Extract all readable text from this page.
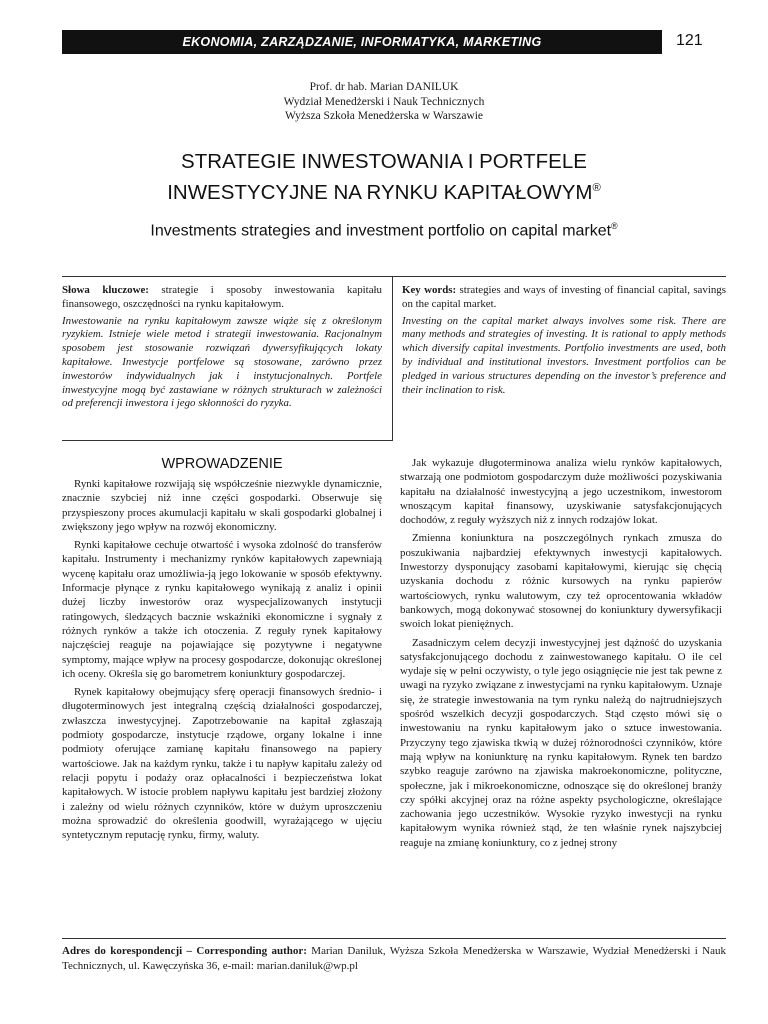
EKONOMIA, ZARZĄDZANIE, INFORMATYKA, MARKETING	121
Prof. dr hab. Marian DANILUK
Wydział Menedżerski i Nauk Technicznych
Wyższa Szkoła Menedżerska w Warszawie
STRATEGIE INWESTOWANIA I PORTFELE
INWESTYCYJNE NA RYNKU KAPITAŁOWYM®
Investments strategies and investment portfolio on capital market®

Słowa kluczowe: strategie i sposoby inwestowania kapitału finansowego, oszczędności na rynku kapitałowym.

Inwestowanie na rynku kapitałowym zawsze wiąże się z określonym ryzykiem. Istnieje wiele metod i strategii inwestowania. Racjonalnym sposobem jest stosowanie rozwiązań dywersyfikujących lokaty kapitałowe. Inwestycje portfelowe są stosowane, zarówno przez inwestorów indywidualnych jak i instytucjonalnych. Portfele inwestycyjne mogą być zastawiane w różnych strukturach w zależności od preferencji inwestora i jego skłonności do ryzyka.

Key words: strategies and ways of investing of financial capital, savings on the capital market.

Investing on the capital market always involves some risk. There are many methods and strategies of investing. It is rational to apply methods which diversify capital investments. Portfolio investments are used, both by individual and institutional investors. Investment portfolios can be pledged in various structures depending on the investor’s preference and their inclination to risk.

WPROWADZENIE

Rynki kapitałowe rozwijają się współcześnie niezwykle dynamicznie, znacznie szybciej niż inne części gospodarki. Obserwuje się przyspieszony proces akumulacji kapitału w skali gospodarki globalnej i zwiększony jego wpływ na rozwój ekonomiczny.

Rynki kapitałowe cechuje otwartość i wysoka zdolność do transferów kapitału. Instrumenty i mechanizmy rynków kapitałowych zapewniają wycenę kapitału oraz umożliwia-ją jego lokowanie w sposób efektywny. Informacje płynące z rynku kapitałowego wynikają z analiz i opinii dużej liczby inwestorów oraz wyspecjalizowanych instytucji ratingowych, śledzących bacznie wskaźniki ekonomiczne i sygnały z różnych rynków a także ich otoczenia. Z reguły rynek kapitałowy najczęściej reaguje na pojawiające się pozytywne i negatywne symptomy, mające wpływ na procesy gospodarcze, dokonując określonej ich oceny. Określa się go barometrem koniunktury gospodarczej.

Rynek kapitałowy obejmujący sferę operacji finansowych średnio- i długoterminowych jest integralną częścią działalności gospodarczej, zwłaszcza inwestycyjnej. Zapotrzebowanie na kapitał zgłaszają podmioty gospodarcze, instytucje rządowe, organy lokalne i inne podmioty oferujące zamianę kapitału finansowego na papiery wartościowe. Jak na każdym rynku, także i tu napływ kapitału zależy od relacji popytu i podaży oraz opłacalności i bezpieczeństwa lokat kapitałowych. W istocie problem napływu kapitału jest bardziej złożony i zależny od wielu różnych czynników, które w dużym uproszczeniu można sprowadzić do określenia goodwill, wyrażającego w ujęciu syntetycznym reputację rynku, firmy, waluty.

Jak wykazuje długoterminowa analiza wielu rynków kapitałowych, stwarzają one podmiotom gospodarczym duże możliwości pozyskiwania kapitału na działalność inwestycyjną a jego uczestnikom, inwestorom wnoszącym kapitał finansowy, uzyskiwanie satysfakcjonujących dochodów, z reguły wyższych niż z innych rodzajów lokat.

Zmienna koniunktura na poszczególnych rynkach zmusza do poszukiwania najbardziej efektywnych inwestycji kapitałowych. Inwestorzy dysponujący zasobami kapitałowymi, kierując się chęcią uzyskania dochodu z różnic kursowych na rynku papierów wartościowych, rynku walutowym, czy też oprocentowania wkładów bankowych, mogą dokonywać stosownej do koniunktury dywersyfikacji swoich lokat pieniężnych.

Zasadniczym celem decyzji inwestycyjnej jest dążność do uzyskania satysfakcjonującego dochodu z zainwestowanego kapitału. O ile cel wydaje się w pełni oczywisty, o tyle jego osiągnięcie nie jest tak pewne z uwagi na ryzyko związane z inwestycjami na rynku kapitałowym. Uznaje się, że strategie inwestowania na tym rynku należą do najtrudniejszych spośród wszelkich decyzji gospodarczych. Stąd często mówi się o inwestowaniu na rynku kapitałowym jako o sztuce inwestowania. Przyczyny tego zjawiska tkwią w dużej różnorodności czynników, które mają wpływ na koniunkturę na rynku kapitałowym. Rynek ten bardzo szybko reaguje zarówno na zjawiska makroekonomiczne, polityczne, społeczne, jak i mikroekonomiczne, odnoszące się do określonej branży czy spółki akcyjnej oraz na różne aspekty psychologiczne, określające zachowania jego uczestników. Wysokie ryzyko inwestycji na rynku kapitałowym wynika również stąd, że ten właśnie rynek najszybciej reaguje na zmianę koniunktury, co z jednej strony

Adres do korespondencji – Corresponding author: Marian Daniluk, Wyższa Szkoła Menedżerska w Warszawie, Wydział Menedżerski i Nauk Technicznych, ul. Kawęczyńska 36, e-mail: marian.daniluk@wp.pl
